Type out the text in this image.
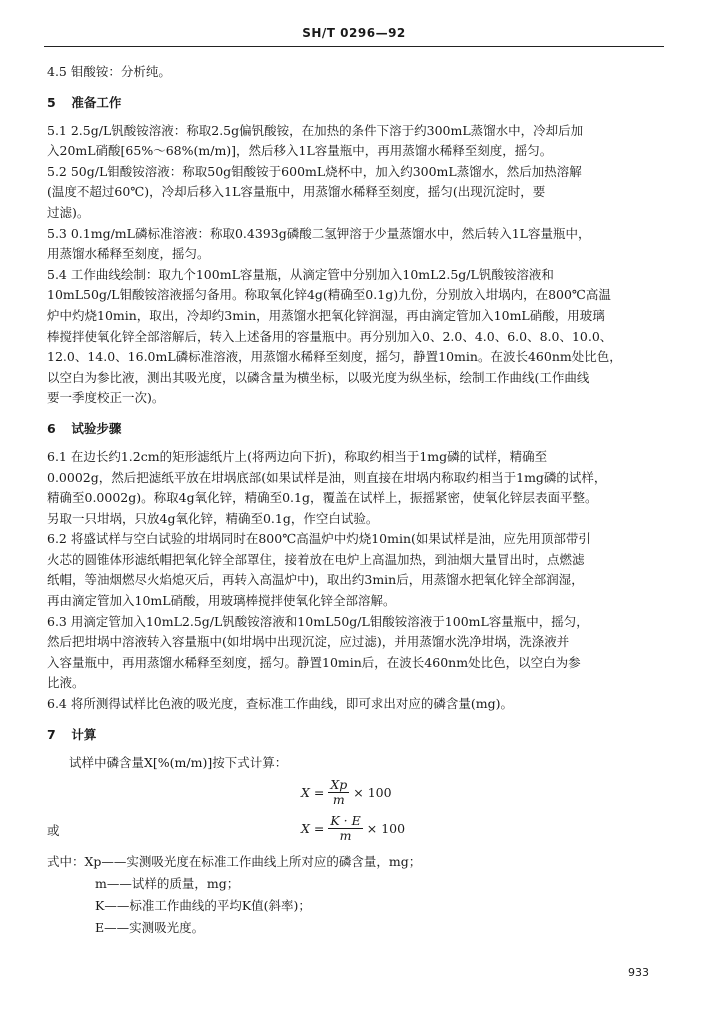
SH/T 0296—92

4.5 钼酸铵：分析纯。

5 准备工作

5.1 2.5g/L钒酸铵溶液：称取2.5g偏钒酸铵，在加热的条件下溶于约300mL蒸馏水中，冷却后加

入20mL硝酸[65%～68%(m/m)]，然后移入1L容量瓶中，再用蒸馏水稀释至刻度，摇匀。

5.2 50g/L钼酸铵溶液：称取50g钼酸铵于600mL烧杯中，加入约300mL蒸馏水，然后加热溶解

(温度不超过60℃)，冷却后移入1L容量瓶中，用蒸馏水稀释至刻度，摇匀(出现沉淀时，要

过滤)。

5.3 0.1mg/mL磷标准溶液：称取0.4393g磷酸二氢钾溶于少量蒸馏水中，然后转入1L容量瓶中，

用蒸馏水稀释至刻度，摇匀。

5.4 工作曲线绘制：取九个100mL容量瓶，从滴定管中分别加入10mL2.5g/L钒酸铵溶液和

10mL50g/L钼酸铵溶液摇匀备用。称取氧化锌4g(精确至0.1g)九份，分别放入坩埚内，在800℃高温

炉中灼烧10min，取出，冷却约3min，用蒸馏水把氧化锌润湿，再由滴定管加入10mL硝酸，用玻璃

棒搅拌使氧化锌全部溶解后，转入上述备用的容量瓶中。再分别加入0、2.0、4.0、6.0、8.0、10.0、

12.0、14.0、16.0mL磷标准溶液，用蒸馏水稀释至刻度，摇匀，静置10min。在波长460nm处比色，

以空白为参比液，测出其吸光度，以磷含量为横坐标，以吸光度为纵坐标，绘制工作曲线(工作曲线

要一季度校正一次)。

6 试验步骤

6.1 在边长约1.2cm的矩形滤纸片上(将两边向下折)，称取约相当于1mg磷的试样，精确至

0.0002g，然后把滤纸平放在坩埚底部(如果试样是油，则直接在坩埚内称取约相当于1mg磷的试样，

精确至0.0002g)。称取4g氧化锌，精确至0.1g，覆盖在试样上，振摇紧密，使氧化锌层表面平整。

另取一只坩埚，只放4g氧化锌，精确至0.1g，作空白试验。

6.2 将盛试样与空白试验的坩埚同时在800℃高温炉中灼烧10min(如果试样是油，应先用顶部带引

火芯的圆锥体形滤纸帽把氧化锌全部罩住，接着放在电炉上高温加热，到油烟大量冒出时，点燃滤

纸帽，等油烟燃尽火焰熄灭后，再转入高温炉中)，取出约3min后，用蒸馏水把氧化锌全部润湿，

再由滴定管加入10mL硝酸，用玻璃棒搅拌使氧化锌全部溶解。

6.3 用滴定管加入10mL2.5g/L钒酸铵溶液和10mL50g/L钼酸铵溶液于100mL容量瓶中，摇匀，

然后把坩埚中溶液转入容量瓶中(如坩埚中出现沉淀，应过滤)，并用蒸馏水洗净坩埚，洗涤液并

入容量瓶中，再用蒸馏水稀释至刻度，摇匀。静置10min后，在波长460nm处比色，以空白为参

比液。

6.4 将所测得试样比色液的吸光度，查标准工作曲线，即可求出对应的磷含量(mg)。

7 计算

试样中磷含量X[%(m/m)]按下式计算：

$X = \frac{Xp}{m} \times 100$
或	$X = \frac{K \cdot E}{m} \times 100$

式中：Xp——实测吸光度在标准工作曲线上所对应的磷含量，mg；

m——试样的质量，mg；

K——标准工作曲线的平均K值(斜率)；

E——实测吸光度。

933
